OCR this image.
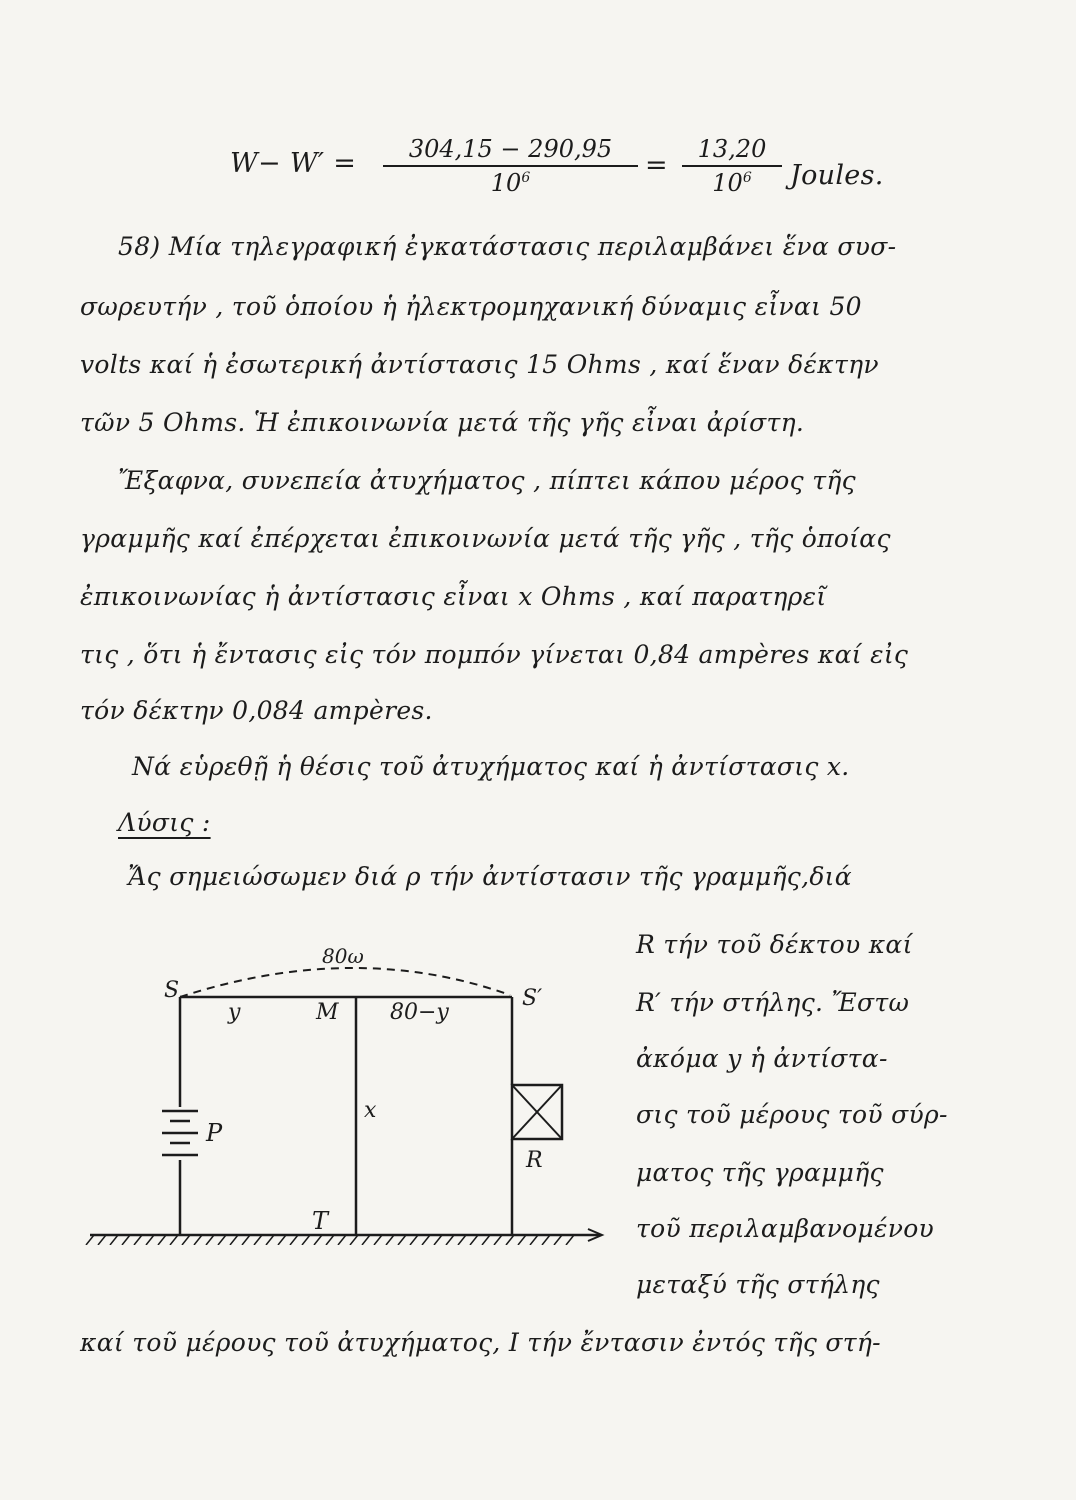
W− W′ =	304,15 − 290,95
$10^6$	=
13,20
$10^6$	Joules.
58) Μία τηλεγραφική ἐγκατάστασις περιλαμβάνει ἕνα συσ-
σωρευτήν , τοῦ ὁποίου ἡ ἠλεκτρομηχανική δύναμις εἶναι 50
volts καί ἡ ἐσωτερική ἀντίστασις 15 Ohms , καί ἕναν δέκτην
τῶν 5 Ohms. Ἡ ἐπικοινωνία μετά τῆς γῆς εἶναι ἀρίστη.
Ἔξαφνα, συνεπεία ἀτυχήματος , πίπτει κάπου μέρος τῆς
γραμμῆς καί ἐπέρχεται ἐπικοινωνία μετά τῆς γῆς , τῆς ὁποίας
ἐπικοινωνίας ἡ ἀντίστασις εἶναι x Ohms , καί παρατηρεῖ
τις , ὅτι ἡ ἔντασις εἰς τόν πομπόν γίνεται 0,84 ampères καί εἰς
τόν δέκτην 0,084 ampères.
Νά εὑρεθῇ ἡ θέσις τοῦ ἀτυχήματος καί ἡ ἀντίστασις x.
Λύσις :
Ἄς σημειώσωμεν διά ρ τήν ἀντίστασιν τῆς γραμμῆς,διά
R τήν τοῦ δέκτου καί
R′ τήν στήλης. Ἔστω
ἀκόμα y ἡ ἀντίστα-
σις τοῦ μέρους τοῦ σύρ-
ματος τῆς γραμμῆς
τοῦ περιλαμβανομένου
μεταξύ τῆς στήλης
καί τοῦ μέρους τοῦ ἀτυχήματος, I τήν ἔντασιν ἐντός τῆς στή-
80ω
S	S′
y	M 80−y
x
P
R
T
